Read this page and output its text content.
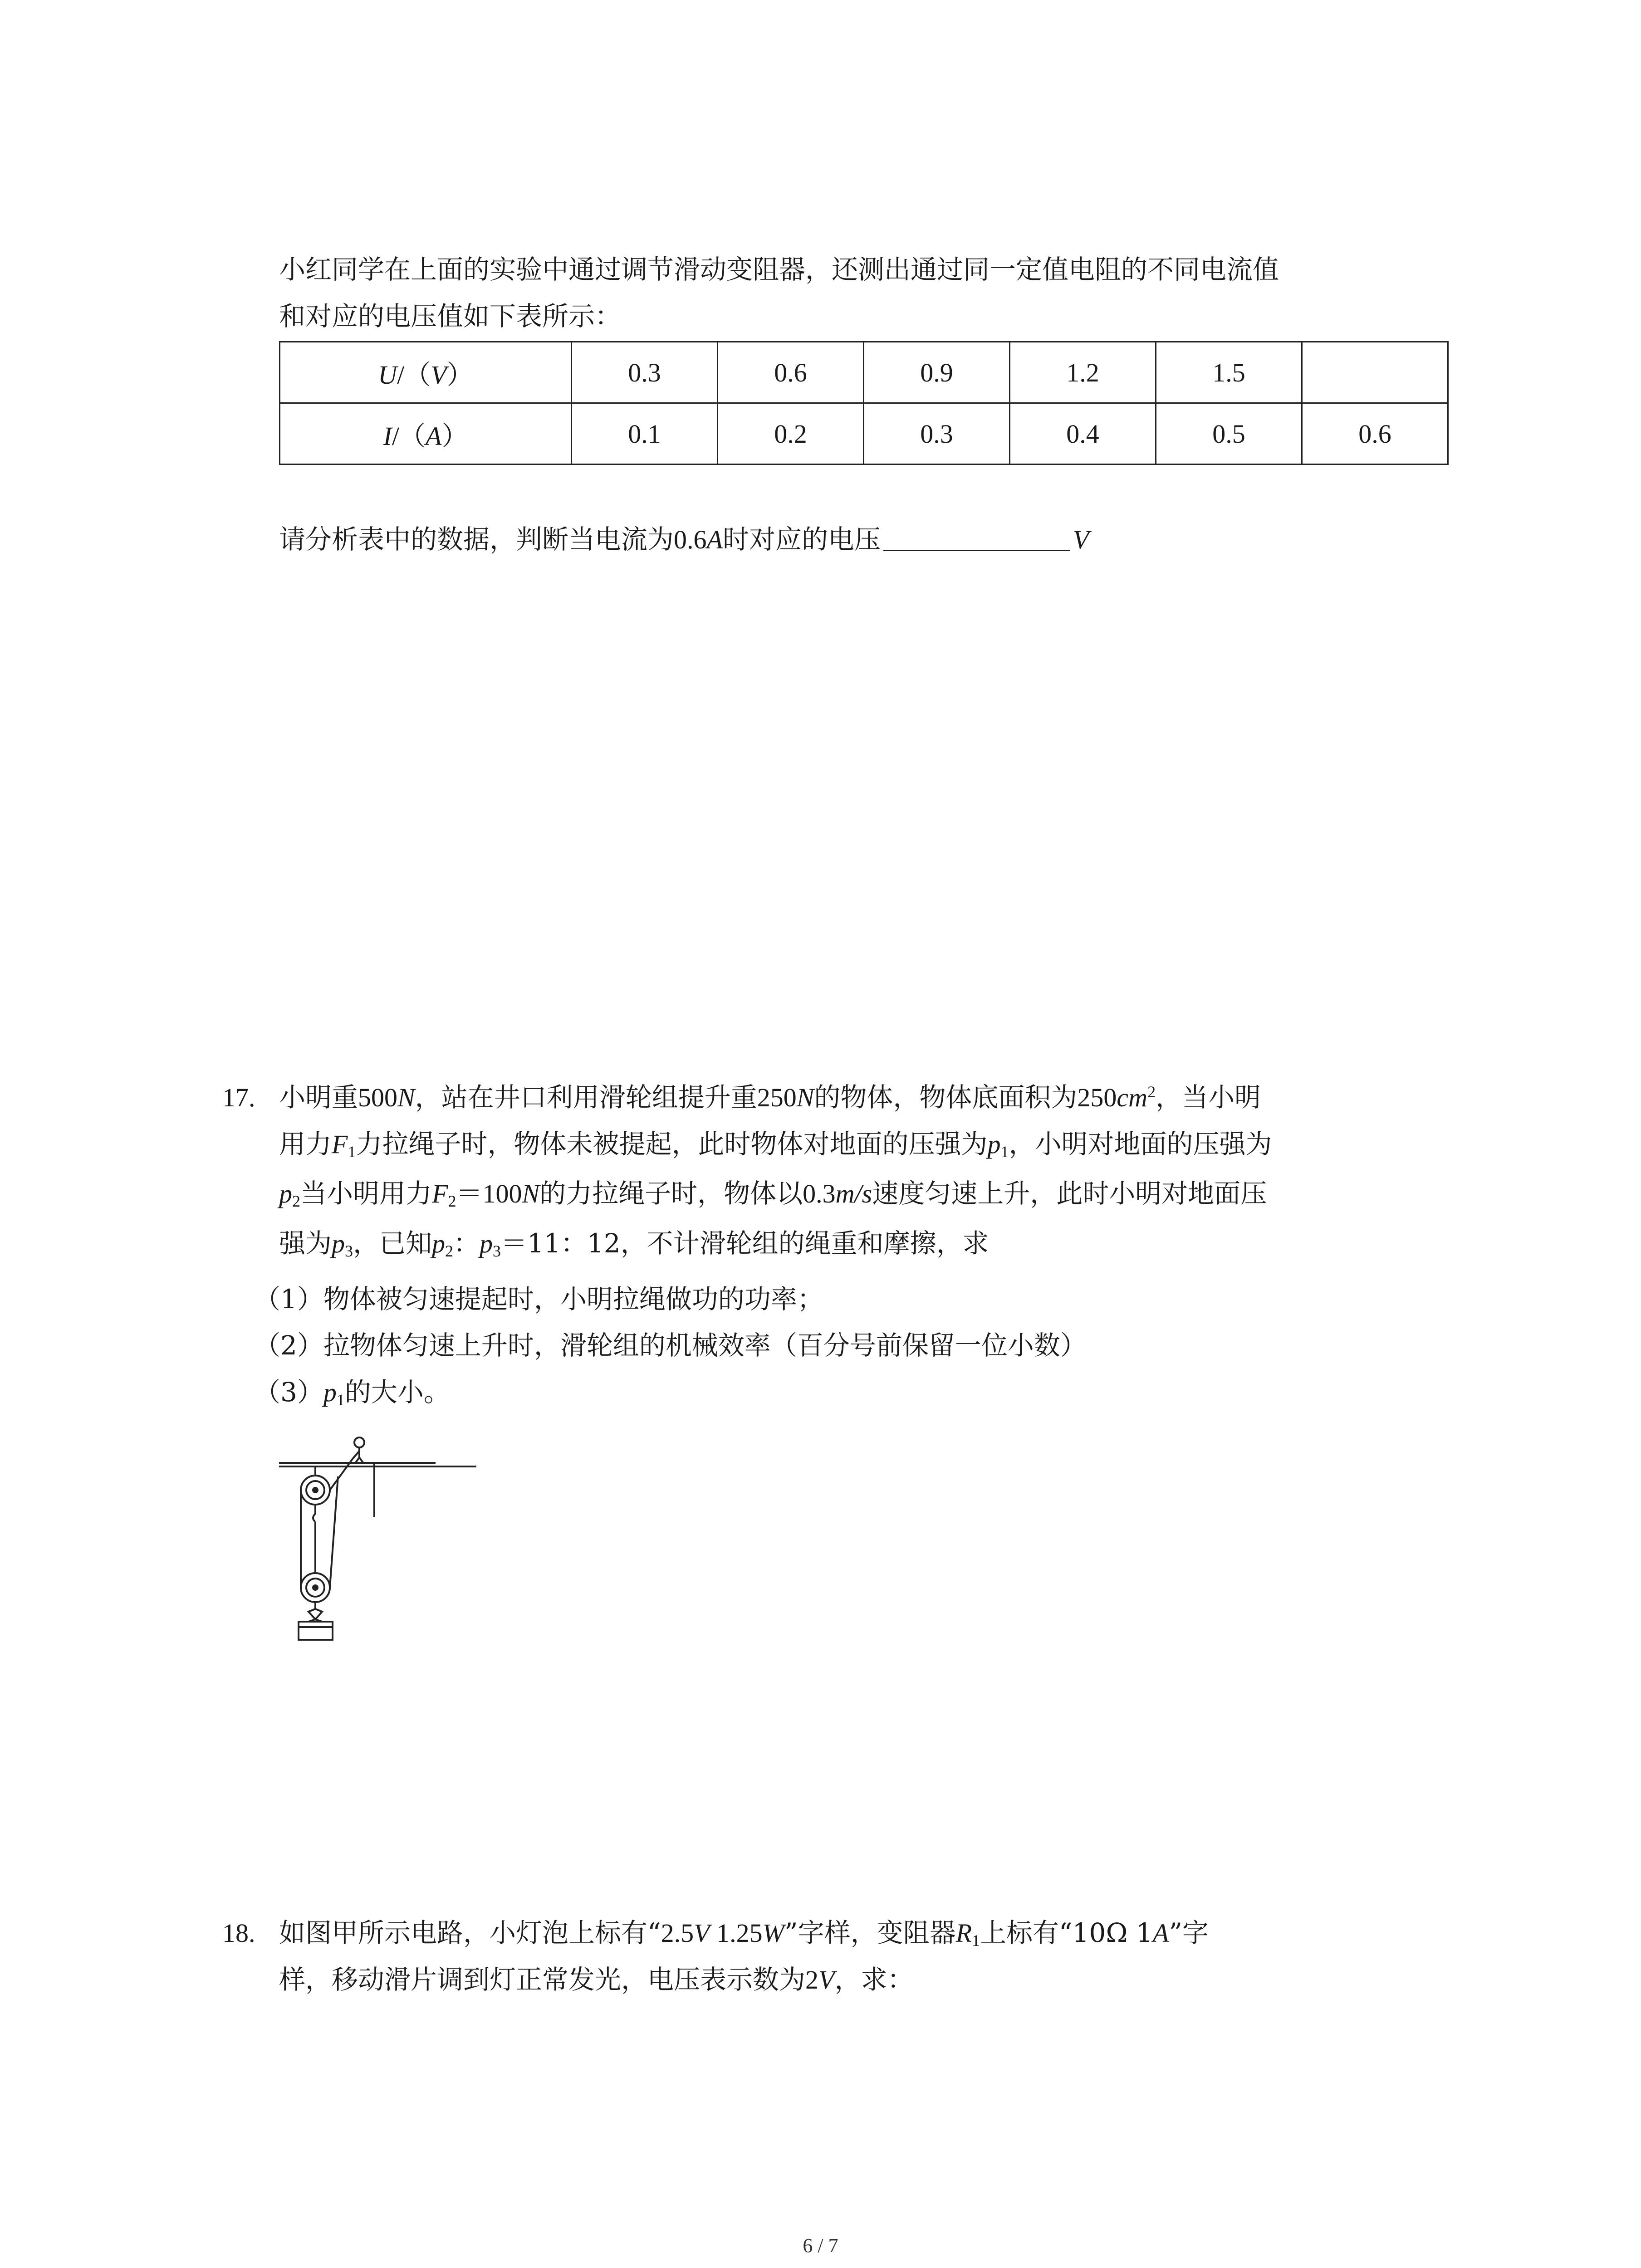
小红同学在上面的实验中通过调节滑动变阻器，还测出通过同一定值电阻的不同电流值
和对应的电压值如下表所示：
U/（V）	0.3	0.6	0.9	1.2	1.5	
I/（A）	0.1	0.2	0.3	0.4	0.5	0.6
请分析表中的数据，判断当电流为0.6A时对应的电压	V
17. 小明重500N，站在井口利用滑轮组提升重250N的物体，物体底面积为$250cm^2$，当小明
用力$F_1$力拉绳子时，物体未被提起，此时物体对地面的压强为$p_1$，小明对地面的压强为
$p_2$当小明用力$F_2=100N$的力拉绳子时，物体以0.3m/s速度匀速上升，此时小明对地面压
强为$p_3$，已知$p_2$：$p_3=11$：12，不计滑轮组的绳重和摩擦，求
（1）物体被匀速提起时，小明拉绳做功的功率；
（2）拉物体匀速上升时，滑轮组的机械效率（百分号前保留一位小数）
$(3)p_1$的大小。
18. 如图甲所示电路，小灯泡上标有“2.5V 1.25W”字样，变阻器$R_1$上标有“10Ω 1A”字
样，移动滑片调到灯正常发光，电压表示数为2V，求：
6 / 7
